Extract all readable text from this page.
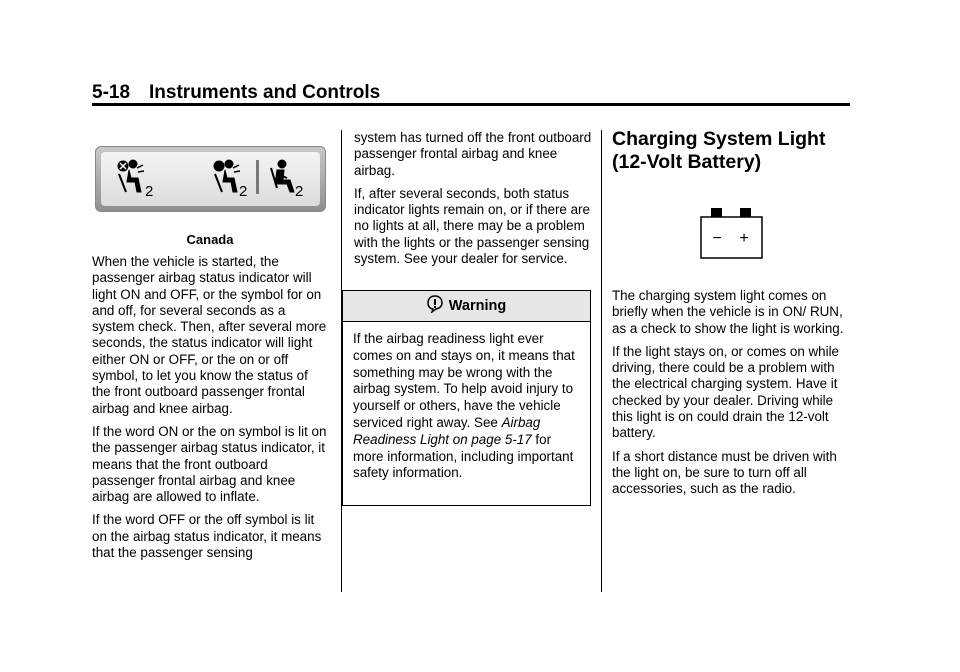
5-18 Instruments and Controls
2	2	2
Canada

When the vehicle is started, the passenger airbag status indicator will light ON and OFF, or the symbol for on and off, for several seconds as a system check. Then, after several more seconds, the status indicator will light either ON or OFF, or the on or off symbol, to let you know the status of the front outboard passenger frontal airbag and knee airbag.

If the word ON or the on symbol is lit on the passenger airbag status indicator, it means that the front outboard passenger frontal airbag and knee airbag are allowed to inflate.

If the word OFF or the off symbol is lit on the airbag status indicator, it means that the passenger sensing

system has turned off the front outboard passenger frontal airbag and knee airbag.

If, after several seconds, both status indicator lights remain on, or if there are no lights at all, there may be a problem with the lights or the passenger sensing system. See your dealer for service.

Warning
If the airbag readiness light ever comes on and stays on, it means that something may be wrong with the airbag system. To help avoid injury to yourself or others, have the vehicle serviced right away. See Airbag Readiness Light on page 5-17 for more information, including important safety information.
Charging System Light (12-Volt Battery)
− +

The charging system light comes on briefly when the vehicle is in ON/ RUN, as a check to show the light is working.

If the light stays on, or comes on while driving, there could be a problem with the electrical charging system. Have it checked by your dealer. Driving while this light is on could drain the 12-volt battery.

If a short distance must be driven with the light on, be sure to turn off all accessories, such as the radio.
